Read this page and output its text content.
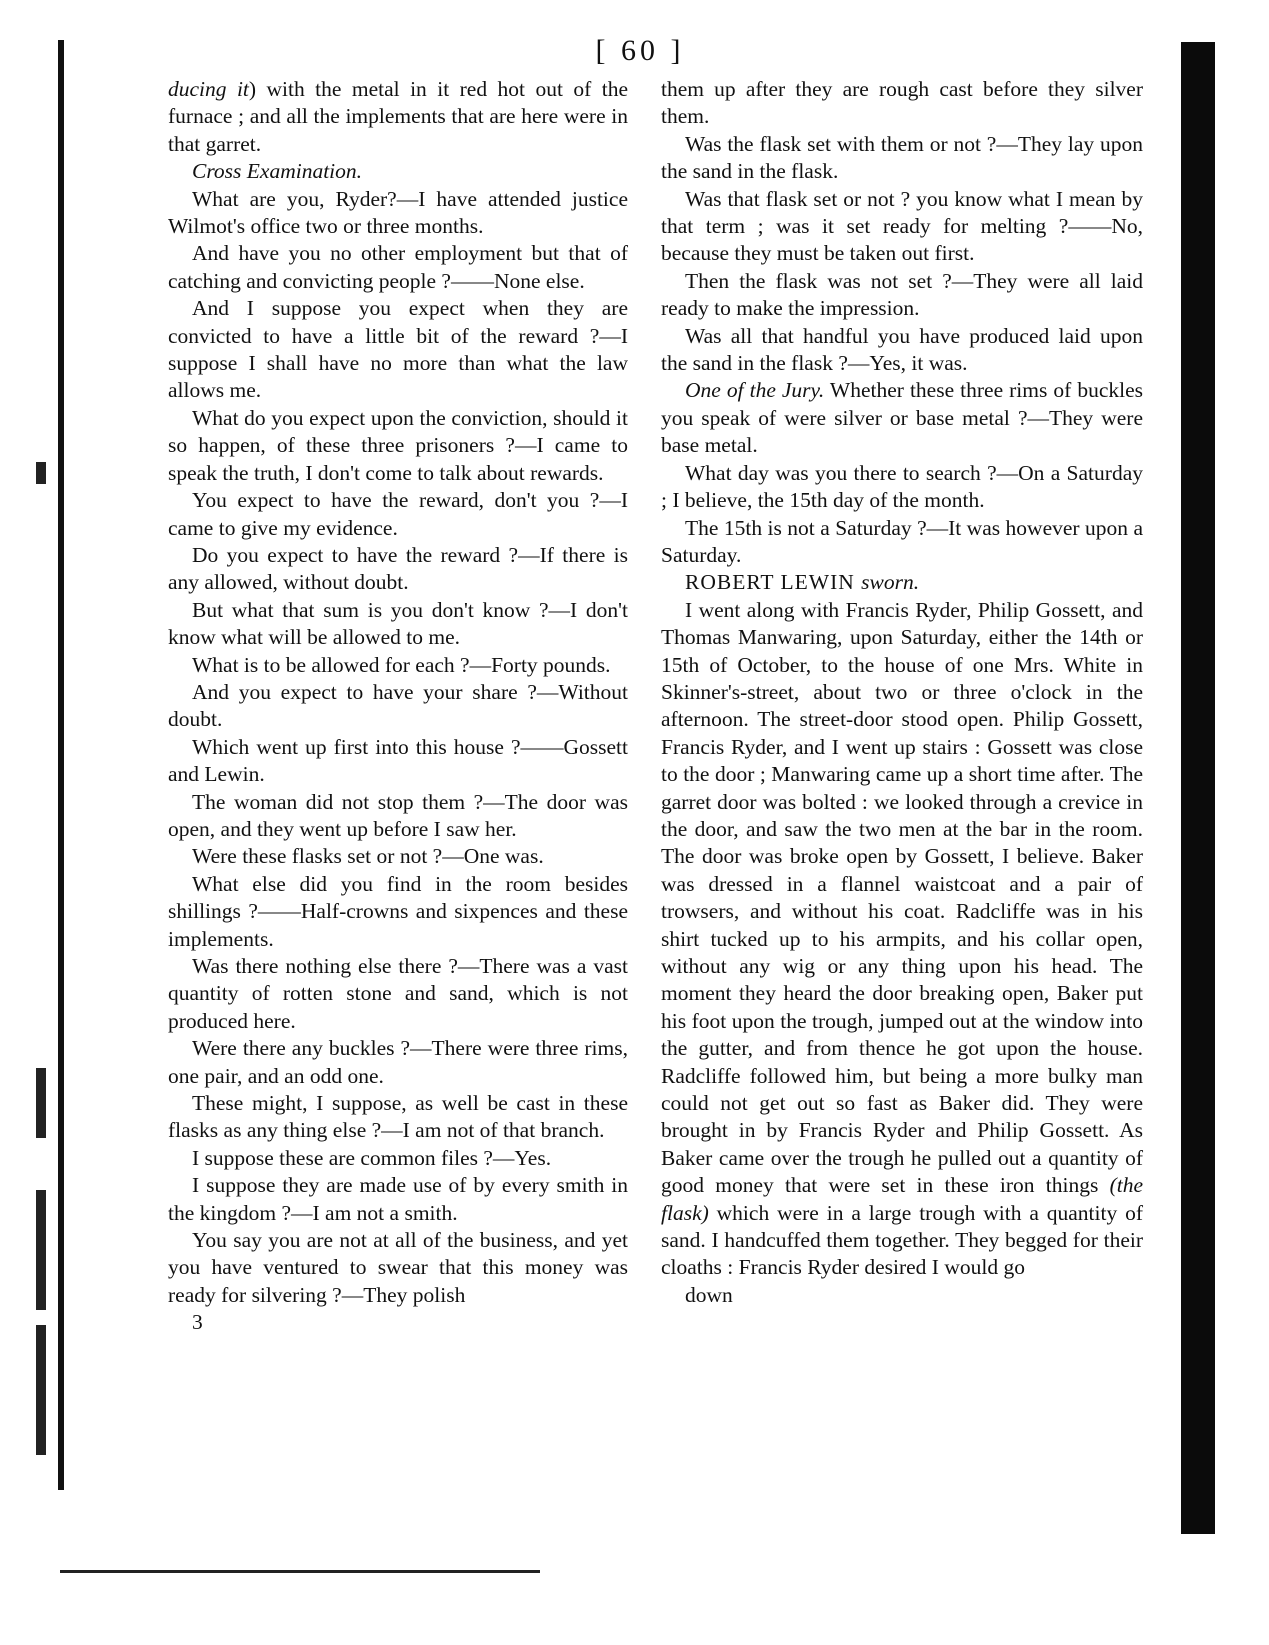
[ 60 ]

ducing it) with the metal in it red hot out of the furnace ; and all the implements that are here were in that garret.

Cross Examination.

What are you, Ryder?—I have attended justice Wilmot's office two or three months.

And have you no other employment but that of catching and convicting people ?——None else.

And I suppose you expect when they are convicted to have a little bit of the reward ?—I suppose I shall have no more than what the law allows me.

What do you expect upon the conviction, should it so happen, of these three prisoners ?—I came to speak the truth, I don't come to talk about rewards.

You expect to have the reward, don't you ?—I came to give my evidence.

Do you expect to have the reward ?—If there is any allowed, without doubt.

But what that sum is you don't know ?—I don't know what will be allowed to me.

What is to be allowed for each ?—Forty pounds.

And you expect to have your share ?—Without doubt.

Which went up first into this house ?——Gossett and Lewin.

The woman did not stop them ?—The door was open, and they went up before I saw her.

Were these flasks set or not ?—One was.

What else did you find in the room besides shillings ?——Half-crowns and sixpences and these implements.

Was there nothing else there ?—There was a vast quantity of rotten stone and sand, which is not produced here.

Were there any buckles ?—There were three rims, one pair, and an odd one.

These might, I suppose, as well be cast in these flasks as any thing else ?—I am not of that branch.

I suppose these are common files ?—Yes.

I suppose they are made use of by every smith in the kingdom ?—I am not a smith.

You say you are not at all of the business, and yet you have ventured to swear that this money was ready for silvering ?—They polish

3

them up after they are rough cast before they silver them.

Was the flask set with them or not ?—They lay upon the sand in the flask.

Was that flask set or not ? you know what I mean by that term ; was it set ready for melting ?——No, because they must be taken out first.

Then the flask was not set ?—They were all laid ready to make the impression.

Was all that handful you have produced laid upon the sand in the flask ?—Yes, it was.

One of the Jury. Whether these three rims of buckles you speak of were silver or base metal ?—They were base metal.

What day was you there to search ?—On a Saturday ; I believe, the 15th day of the month.

The 15th is not a Saturday ?—It was however upon a Saturday.

ROBERT LEWIN sworn.

I went along with Francis Ryder, Philip Gossett, and Thomas Manwaring, upon Saturday, either the 14th or 15th of October, to the house of one Mrs. White in Skinner's-street, about two or three o'clock in the afternoon. The street-door stood open. Philip Gossett, Francis Ryder, and I went up stairs : Gossett was close to the door ; Manwaring came up a short time after. The garret door was bolted : we looked through a crevice in the door, and saw the two men at the bar in the room. The door was broke open by Gossett, I believe. Baker was dressed in a flannel waistcoat and a pair of trowsers, and without his coat. Radcliffe was in his shirt tucked up to his armpits, and his collar open, without any wig or any thing upon his head. The moment they heard the door breaking open, Baker put his foot upon the trough, jumped out at the window into the gutter, and from thence he got upon the house. Radcliffe followed him, but being a more bulky man could not get out so fast as Baker did. They were brought in by Francis Ryder and Philip Gossett. As Baker came over the trough he pulled out a quantity of good money that were set in these iron things (the flask) which were in a large trough with a quantity of sand. I handcuffed them together. They begged for their cloaths : Francis Ryder desired I would go

down
